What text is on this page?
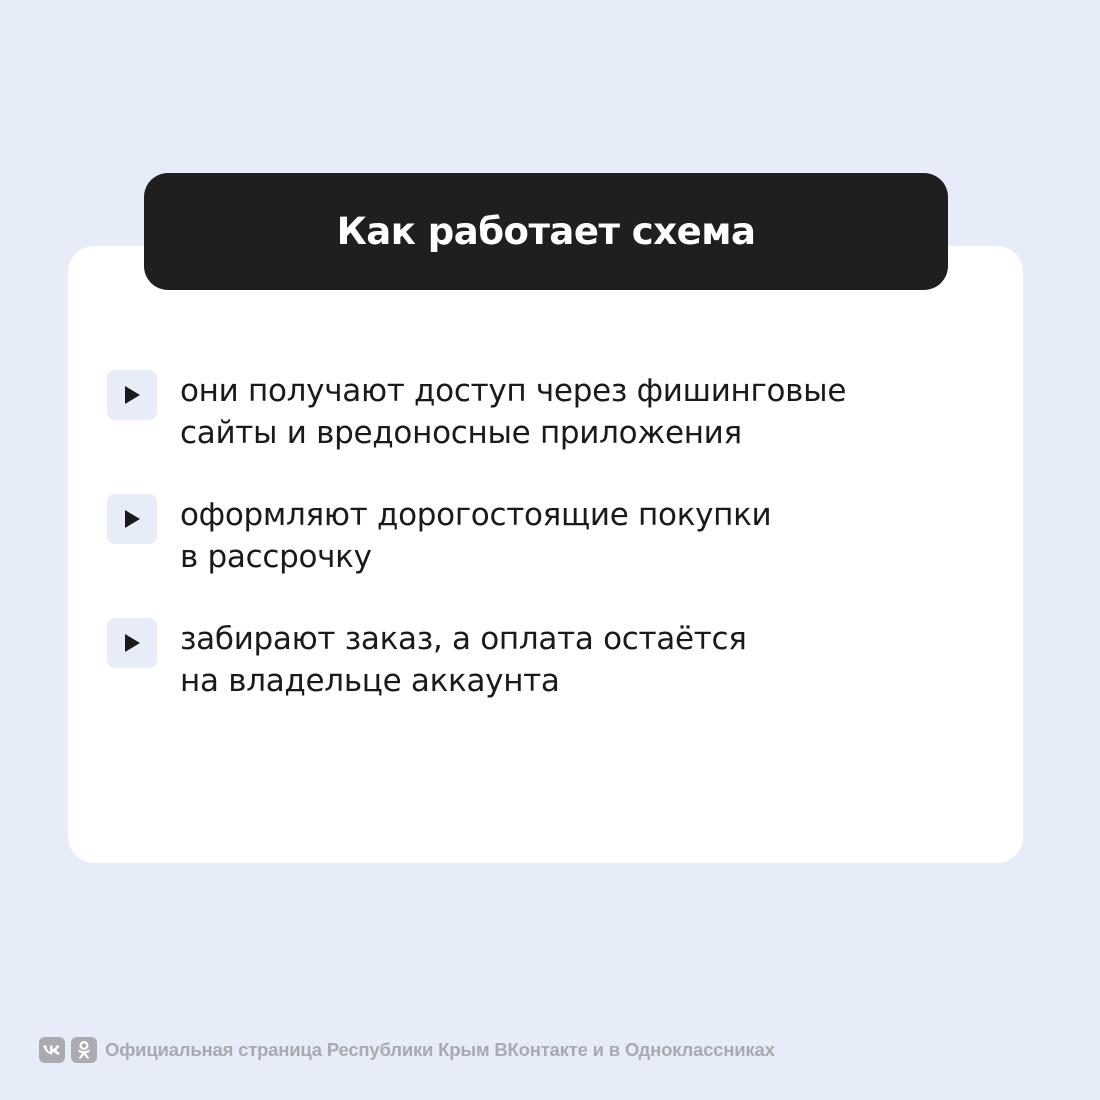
Как работает схема
они получают доступ через фишинговые
сайты и вредоносные приложения
оформляют дорогостоящие покупки
в рассрочку
забирают заказ, а оплата остаётся
на владельце аккаунта
Официальная страница Республики Крым ВКонтакте и в Одноклассниках
